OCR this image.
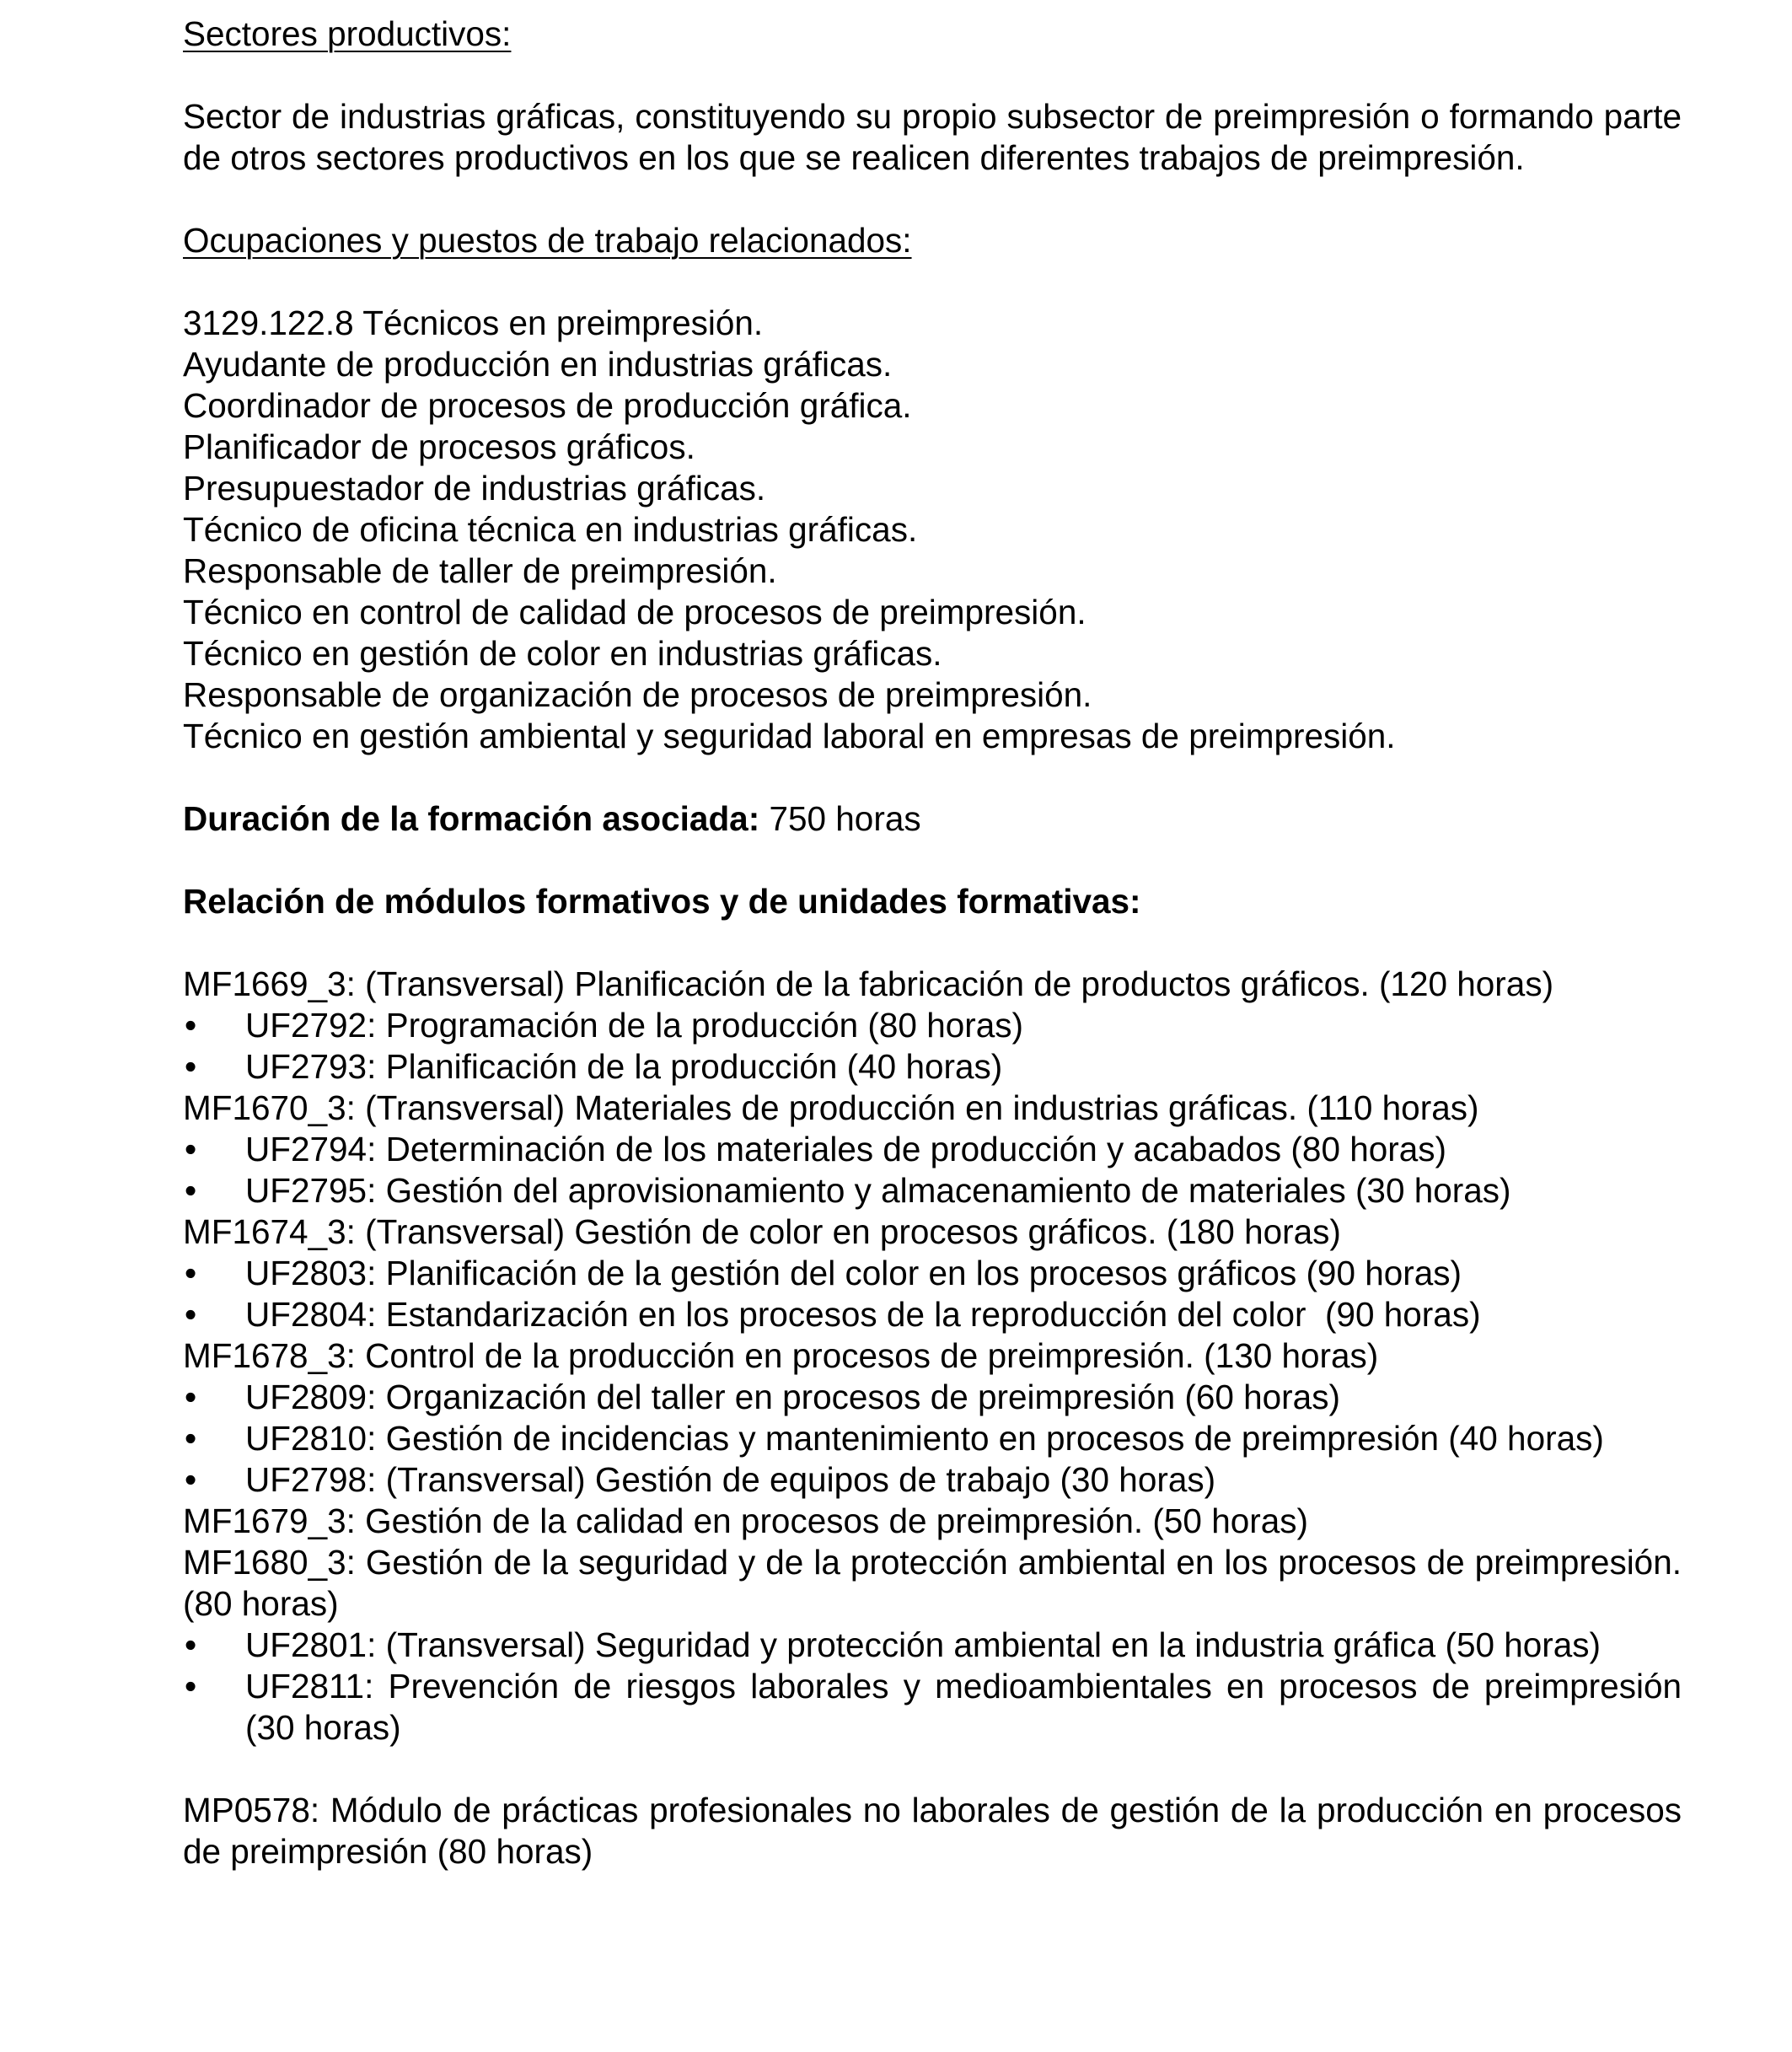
Sectores productivos:

Sector de industrias gráficas, constituyendo su propio subsector de preimpresión o formando parte de otros sectores productivos en los que se realicen diferentes trabajos de preimpresión.

Ocupaciones y puestos de trabajo relacionados:

3129.122.8 Técnicos en preimpresión.

Ayudante de producción en industrias gráficas.

Coordinador de procesos de producción gráfica.

Planificador de procesos gráficos.

Presupuestador de industrias gráficas.

Técnico de oficina técnica en industrias gráficas.

Responsable de taller de preimpresión.

Técnico en control de calidad de procesos de preimpresión.

Técnico en gestión de color en industrias gráficas.

Responsable de organización de procesos de preimpresión.

Técnico en gestión ambiental y seguridad laboral en empresas de preimpresión.

Duración de la formación asociada: 750 horas

Relación de módulos formativos y de unidades formativas:

MF1669_3: (Transversal) Planificación de la fabricación de productos gráficos. (120 horas)

•	UF2792: Programación de la producción (80 horas)
•	UF2793: Planificación de la producción (40 horas)

MF1670_3: (Transversal) Materiales de producción en industrias gráficas. (110 horas)

•	UF2794: Determinación de los materiales de producción y acabados (80 horas)
•	UF2795: Gestión del aprovisionamiento y almacenamiento de materiales (30 horas)

MF1674_3: (Transversal) Gestión de color en procesos gráficos. (180 horas)

•	UF2803: Planificación de la gestión del color en los procesos gráficos (90 horas)
•	UF2804: Estandarización en los procesos de la reproducción del color  (90 horas)

MF1678_3: Control de la producción en procesos de preimpresión. (130 horas)

•	UF2809: Organización del taller en procesos de preimpresión (60 horas)
•	UF2810: Gestión de incidencias y mantenimiento en procesos de preimpresión (40 horas)
•	UF2798: (Transversal) Gestión de equipos de trabajo (30 horas)

MF1679_3: Gestión de la calidad en procesos de preimpresión. (50 horas)

MF1680_3: Gestión de la seguridad y de la protección ambiental en los procesos de preimpresión. (80 horas)

•	UF2801: (Transversal) Seguridad y protección ambiental en la industria gráfica (50 horas)
•	UF2811: Prevención de riesgos laborales y medioambientales en procesos de preimpresión (30 horas)

MP0578: Módulo de prácticas profesionales no laborales de gestión de la producción en procesos de preimpresión (80 horas)
